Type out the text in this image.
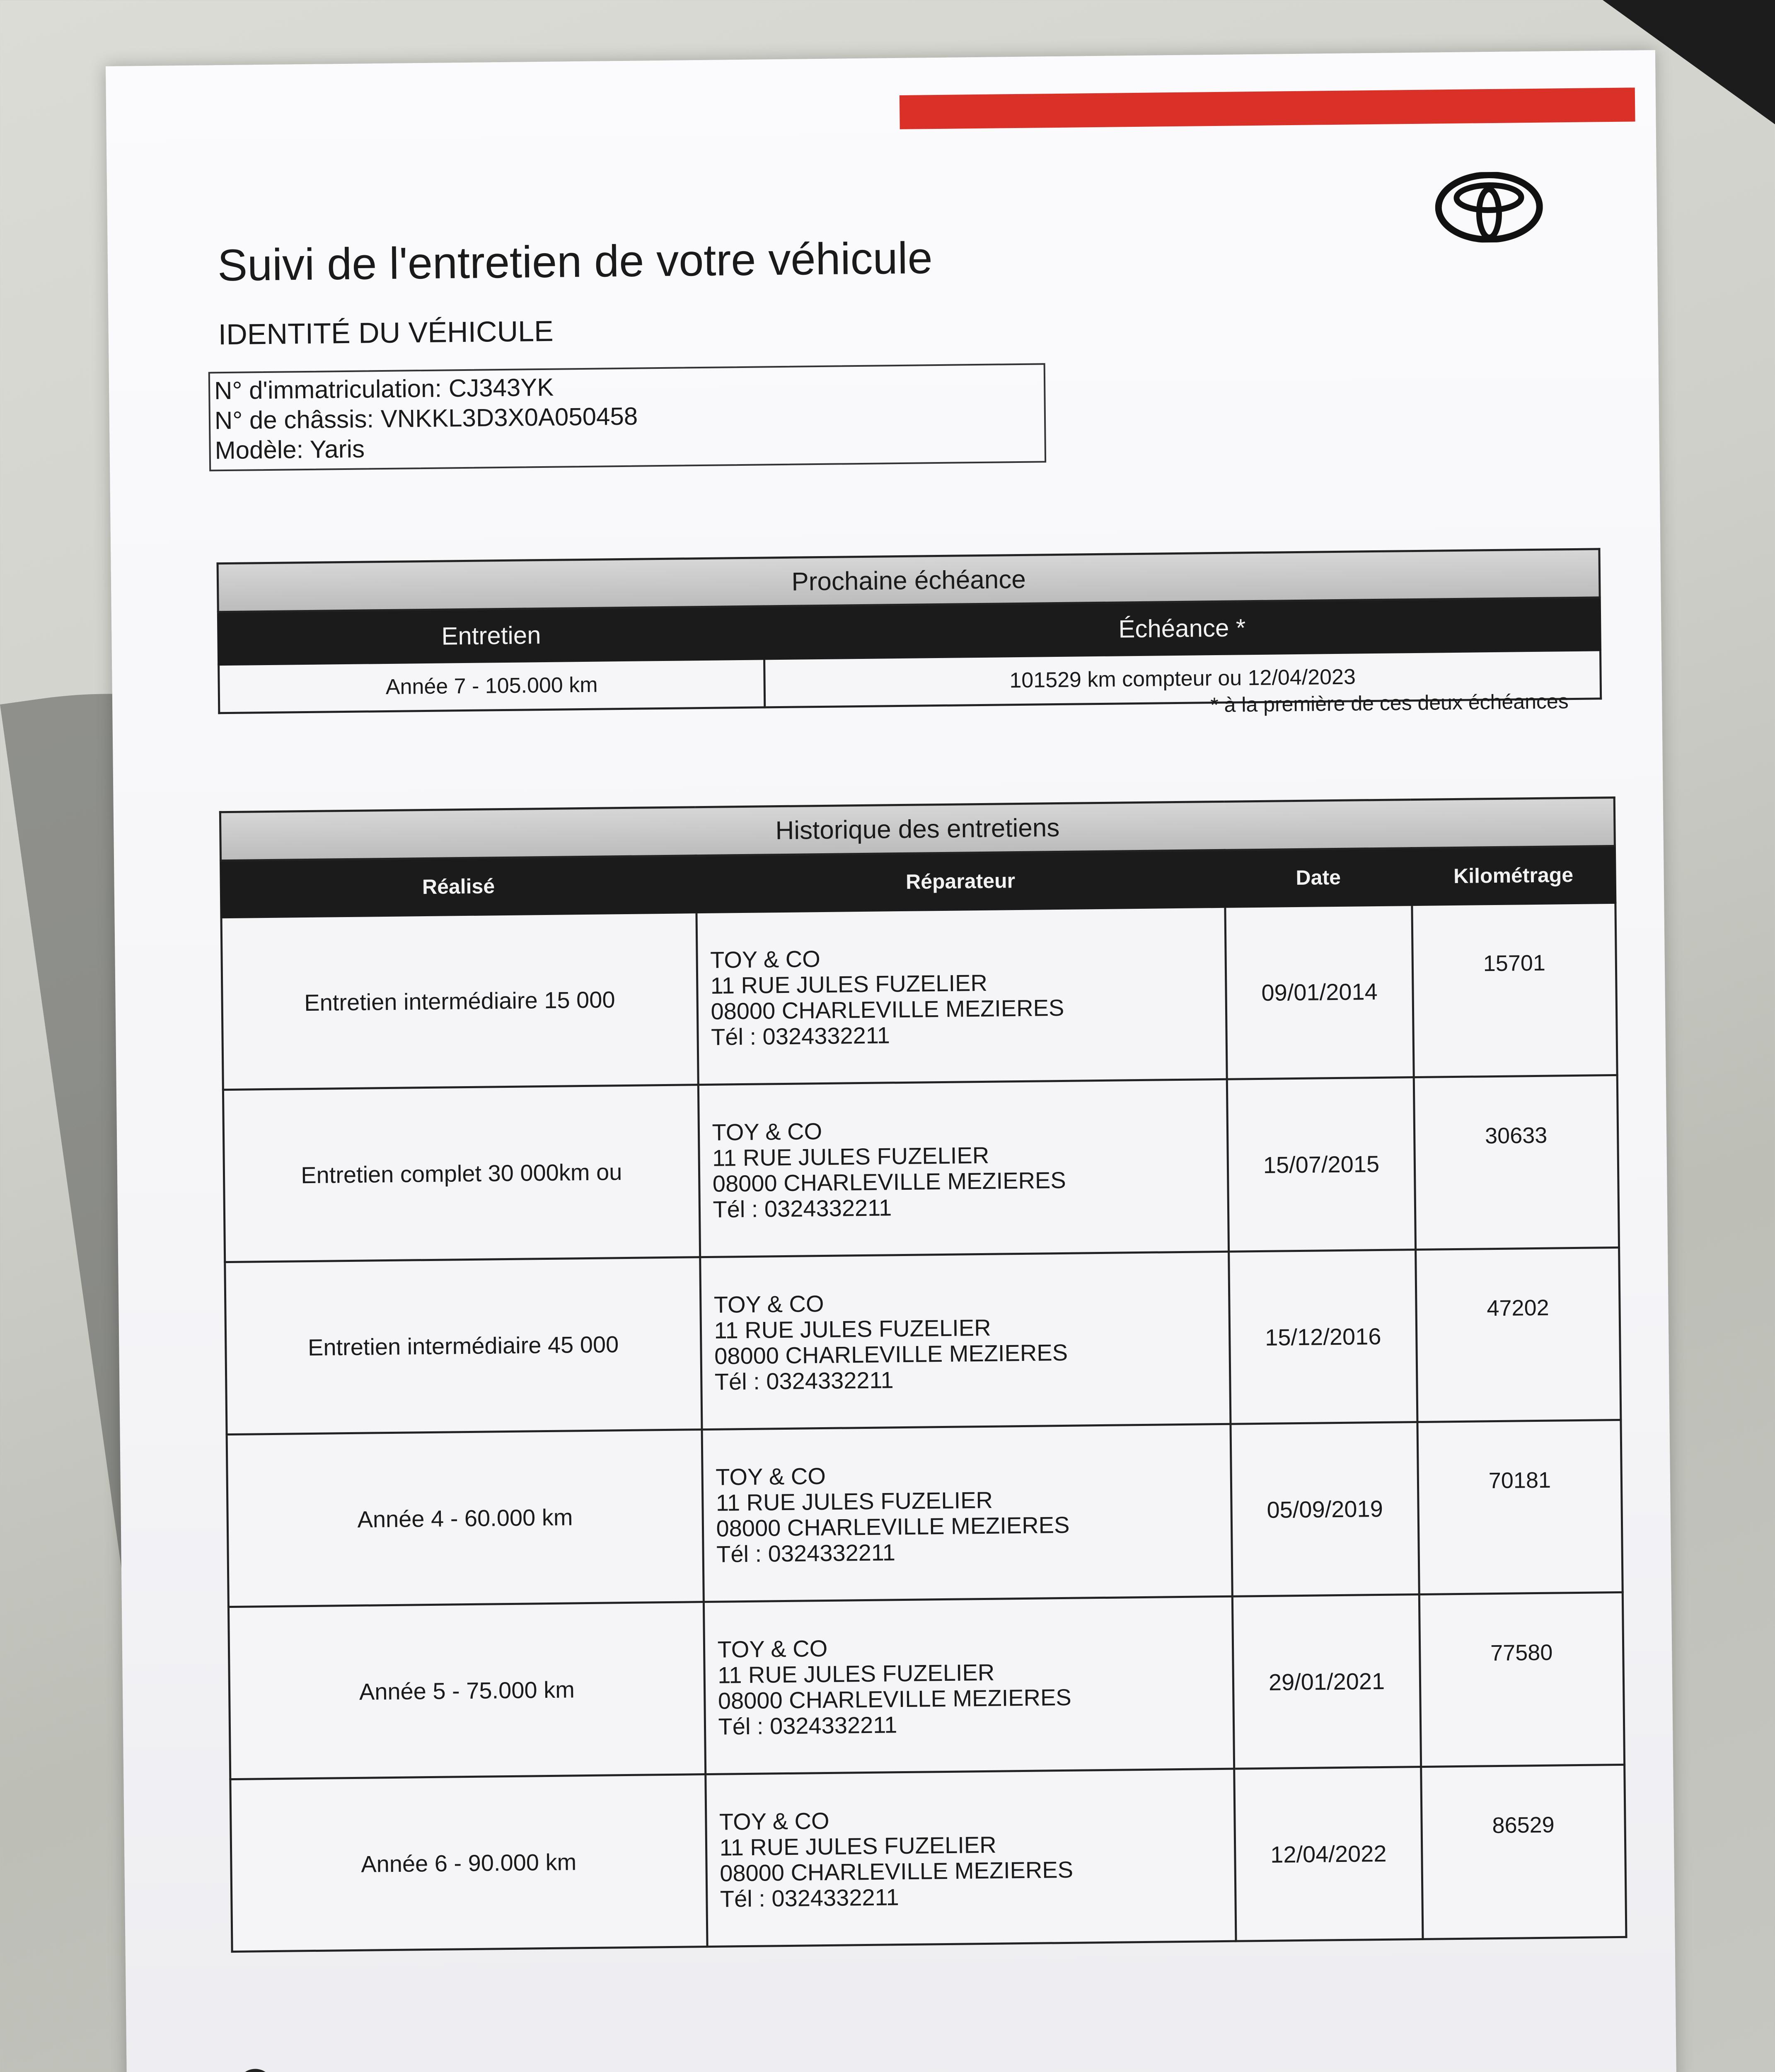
Suivi de l'entretien de votre véhicule
IDENTITÉ DU VÉHICULE
N° d'immatriculation: CJ343YK
N° de châssis: VNKKL3D3X0A050458
Modèle: Yaris
Prochaine échéance	
Entretien	Échéance *
Année 7 - 105.000 km	101529 km compteur ou 12/04/2023
* à la première de ces deux échéances
Historique des entretiens			
Réalisé	Réparateur	Date	Kilométrage
Entretien intermédiaire 15 000	TOY & CO
11 RUE JULES FUZELIER
08000 CHARLEVILLE MEZIERES
Tél : 0324332211	09/01/2014	15701
Entretien complet 30 000km ou	TOY & CO
11 RUE JULES FUZELIER
08000 CHARLEVILLE MEZIERES
Tél : 0324332211	15/07/2015	30633
Entretien intermédiaire 45 000	TOY & CO
11 RUE JULES FUZELIER
08000 CHARLEVILLE MEZIERES
Tél : 0324332211	15/12/2016	47202
Année 4 - 60.000 km	TOY & CO
11 RUE JULES FUZELIER
08000 CHARLEVILLE MEZIERES
Tél : 0324332211	05/09/2019	70181
Année 5 - 75.000 km	TOY & CO
11 RUE JULES FUZELIER
08000 CHARLEVILLE MEZIERES
Tél : 0324332211	29/01/2021	77580
Année 6 - 90.000 km	TOY & CO
11 RUE JULES FUZELIER
08000 CHARLEVILLE MEZIERES
Tél : 0324332211	12/04/2022	86529
